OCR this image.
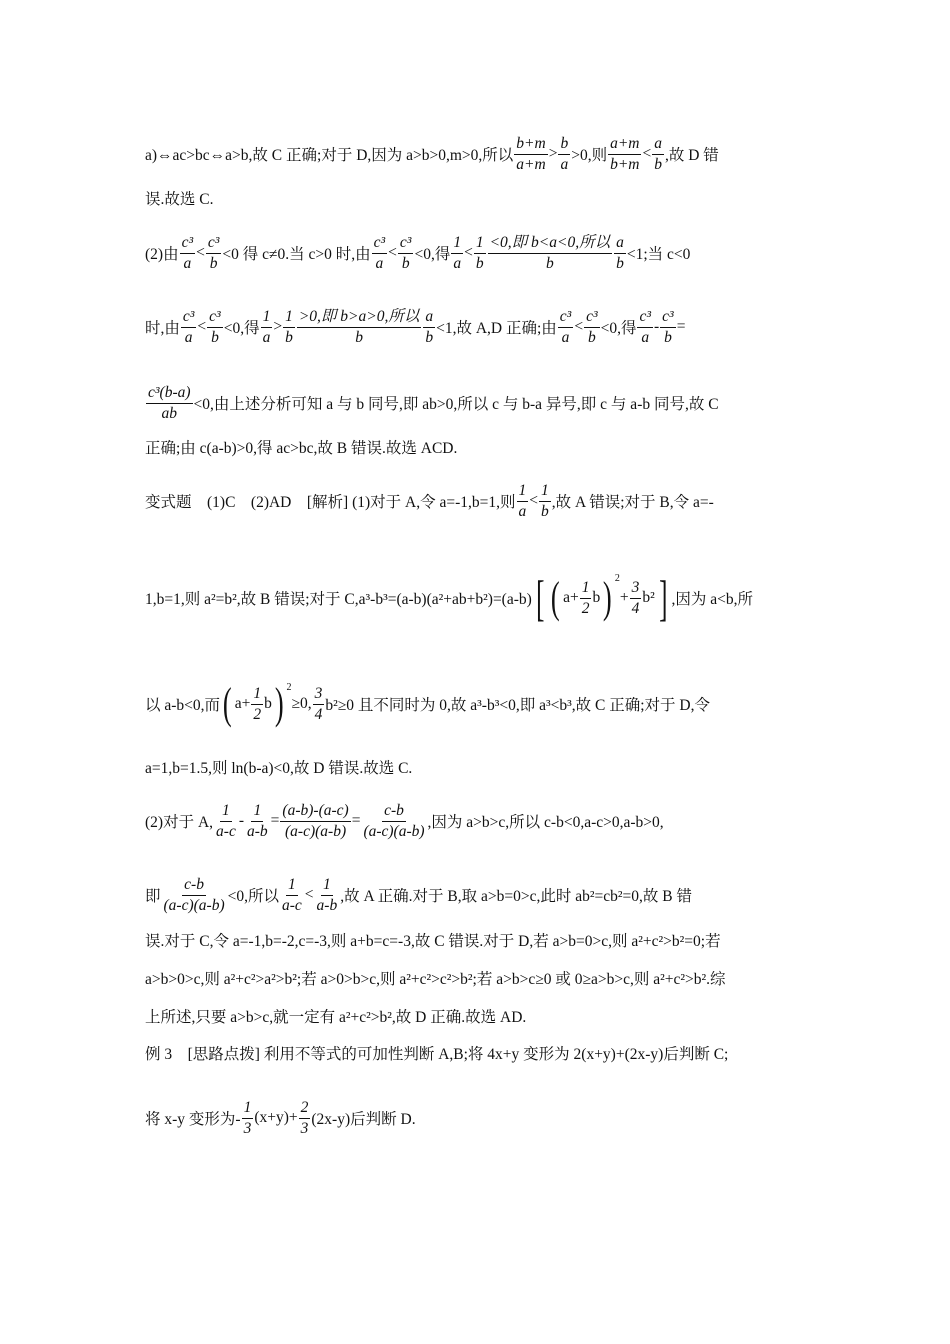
a)⇔ac>bc⇔a>b,故 C 正确;对于 D,因为 a>b>0,m>0,所以 $\frac{b+m}{a+m} > \frac{b}{a} >0$,则 $\frac{a+m}{b+m} < \frac{a}{b}$ ,故 D 错
误.故选 C.
(2)由 $\frac{\text{c³}}{a} < \frac{\text{c³}}{b} <0$ 得 c≠0.当 c>0 时,由 $\frac{\text{c³}}{a} < \frac{\text{c³}}{b} <0$,得 $\frac{1}{a} < \frac{1}{b} \frac{\text{<0,即 b<a<0,所以}}{b} \frac{a}{b} <1$;当 c<0
时,由 $\frac{\text{c³}}{a} < \frac{\text{c³}}{b} <0$,得 $\frac{1}{a} > \frac{1}{b} \frac{\text{>0,即 b>a>0,所以}}{b} \frac{a}{b} <1$,故 A,D 正确;由 $\frac{\text{c³}}{a} < \frac{\text{c³}}{b} <0$,得 $\frac{\text{c³}}{a} - \frac{\text{c³}}{b}$ =
$\frac{\text{c³(b-a)}}{ab} <0$,由上述分析可知 a 与 b 同号,即 ab>0,所以 c 与 b-a 异号,即 c 与 a-b 同号,故 C
正确;由 c(a-b)>0,得 ac>bc,故 B 错误.故选 ACD.
变式题　(1)C　(2)AD　[解析] (1)对于 A,令 a=-1,b=1,则 $\frac{1}{a} < \frac{1}{b}$ ,故 A 错误;对于 B,令 a=-
1,b=1,则 a²=b²,故 B 错误;对于 C,a³-b³=(a-b)(a²+ab+b²)=(a-b) [ ( $a+ \frac{1}{2}$ b ) $^2$
+ $\frac{3}{4} b^2$ ] ,因为 a<b,所
以 a-b<0,而 ( $a+ \frac{1}{2}$ b ) $^2$
≥0, $\frac{3}{4} b^2\ge 0$ 且不同时为 0,故 a³-b³<0,即 a³<b³,故 C 正确;对于 D,令
a=1,b=1.5,则 ln(b-a)<0,故 D 错误.故选 C.
(2)对于 A, $\frac{1}{a-c} - \frac{1}{a-b} = \frac{(a-b)-(a-c)}{(a-c)(a-b)} = \frac{c-b}{(a-c)(a-b)}$ ,因为 a>b>c,所以 c-b<0,a-c>0,a-b>0,
即 $\frac{c-b}{(a-c)(a-b)} <0$,所以 $\frac{1}{a-c} < \frac{1}{a-b}$ ,故 A 正确.对于 B,取 a>b=0>c,此时 ab²=cb²=0,故 B 错
误.对于 C,令 a=-1,b=-2,c=-3,则 a+b=c=-3,故 C 错误.对于 D,若 a>b=0>c,则 a²+c²>b²=0;若
a>b>0>c,则 a²+c²>a²>b²;若 a>0>b>c,则 a²+c²>c²>b²;若 a>b>c≥0 或 0≥a>b>c,则 a²+c²>b².综
上所述,只要 a>b>c,就一定有 a²+c²>b²,故 D 正确.故选 AD.
例 3　[思路点拨] 利用不等式的可加性判断 A,B;将 4x+y 变形为 2(x+y)+(2x-y)后判断 C;
将 x-y 变形为- $\frac{1}{3} (x+y)+ \frac{2}{3} (2x-y)$后判断 D.
